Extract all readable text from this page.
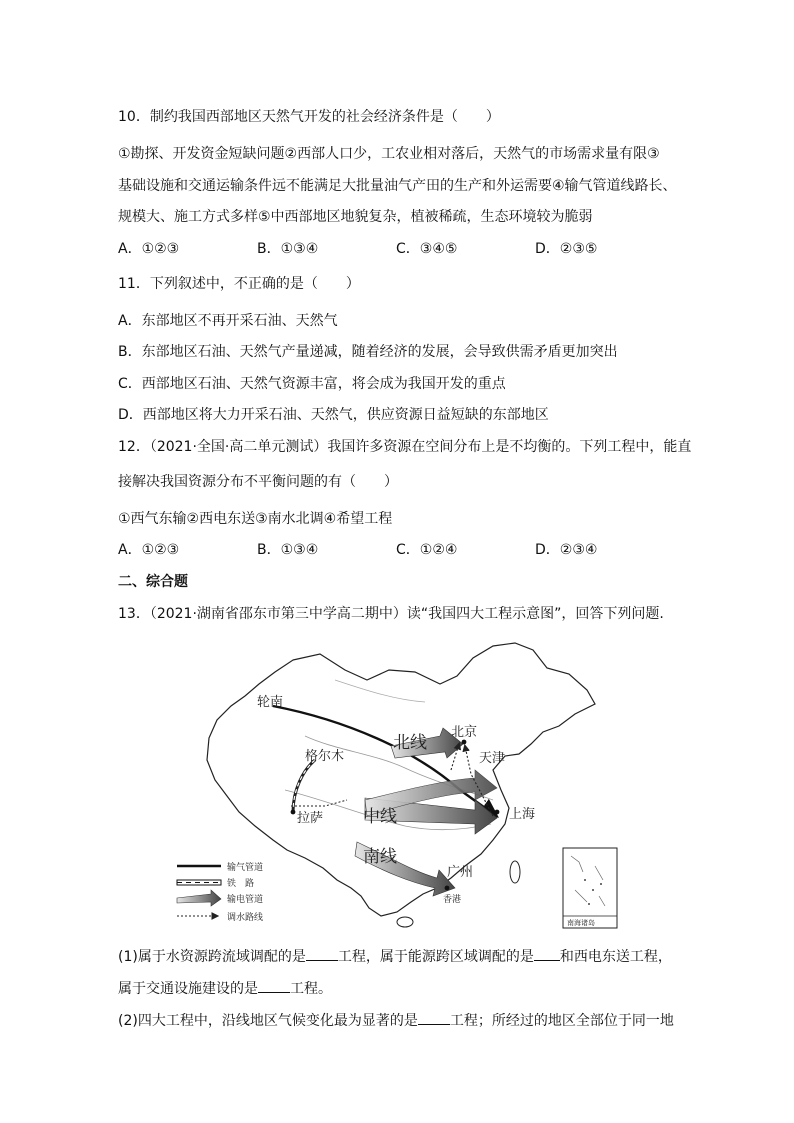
10．制约我国西部地区天然气开发的社会经济条件是（　　）
①勘探、开发资金短缺问题②西部人口少，工农业相对落后，天然气的市场需求量有限③
基础设施和交通运输条件远不能满足大批量油气产田的生产和外运需要④输气管道线路长、
规模大、施工方式多样⑤中西部地区地貌复杂，植被稀疏，生态环境较为脆弱
A．①②③	B．①③④	C．③④⑤	D．②③⑤
11．下列叙述中，不正确的是（　　）
A．东部地区不再开采石油、天然气
B．东部地区石油、天然气产量递减，随着经济的发展，会导致供需矛盾更加突出
C．西部地区石油、天然气资源丰富，将会成为我国开发的重点
D．西部地区将大力开采石油、天然气，供应资源日益短缺的东部地区
12．（2021·全国·高二单元测试）我国许多资源在空间分布上是不均衡的。下列工程中，能直
接解决我国资源分布不平衡问题的有（　　）
①西气东输②西电东送③南水北调④希望工程
A．①②③	B．①③④	C．①②④	D．②③④
二、综合题
13．（2021·湖南省邵东市第三中学高二期中）读“我国四大工程示意图”，回答下列问题.
轮南
格尔木
拉萨
北京
天津
上海
广州
香港
北线
中线
南线
南海诸岛
输气管道
铁　路
输电管道
调水路线
(1)属于水资源跨流域调配的是 工程，属于能源跨区域调配的是 和西电东送工程，
属于交通设施建设的是 工程。
(2)四大工程中，沿线地区气候变化最为显著的是 工程；所经过的地区全部位于同一地
